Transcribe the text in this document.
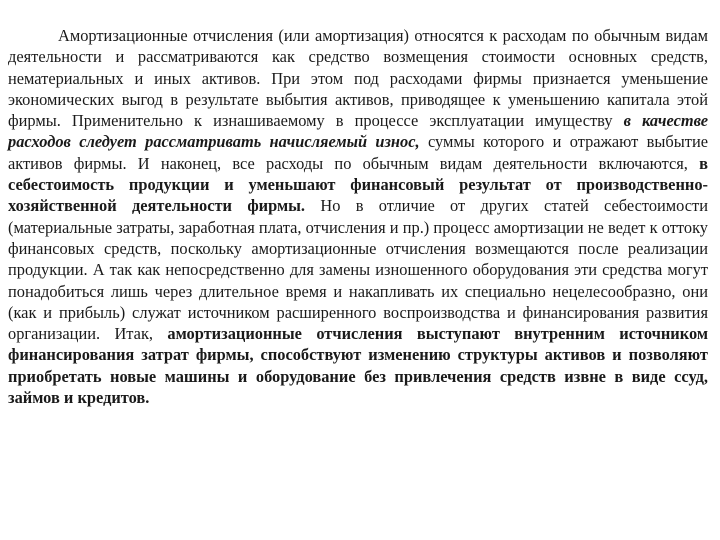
Амортизационные отчисления (или амортизация) относятся к расходам по обычным видам деятельности и рассматриваются как средство возмещения стоимости основных средств, нематериальных и иных активов. При этом под расходами фирмы признается уменьшение экономических выгод в результате выбытия активов, приводящее к уменьшению капитала этой фирмы. Применительно к изнашиваемому в процессе эксплуатации имуществу в качестве расходов следует рассматривать начисляемый износ, суммы которого и отражают выбытие активов фирмы. И наконец, все расходы по обычным видам деятельности включаются, в себестоимость продукции и уменьшают финансовый результат от производственно-хозяйственной деятельности фирмы. Но в отличие от других статей себестоимости (материальные затраты, заработная плата, отчисления и пр.) процесс амортизации не ведет к оттоку финансовых средств, поскольку амортизационные отчисления возмещаются после реализации продукции. А так как непосредственно для замены изношенного оборудования эти средства могут понадобиться лишь через длительное время и накапливать их специально нецелесообразно, они (как и прибыль) служат источником расширенного воспроизводства и финансирования развития организации. Итак, амортизационные отчисления выступают внутренним источником финансирования затрат фирмы, способствуют изменению структуры активов и позволяют приобретать новые машины и оборудование без привлечения средств извне в виде ссуд, займов и кредитов.
